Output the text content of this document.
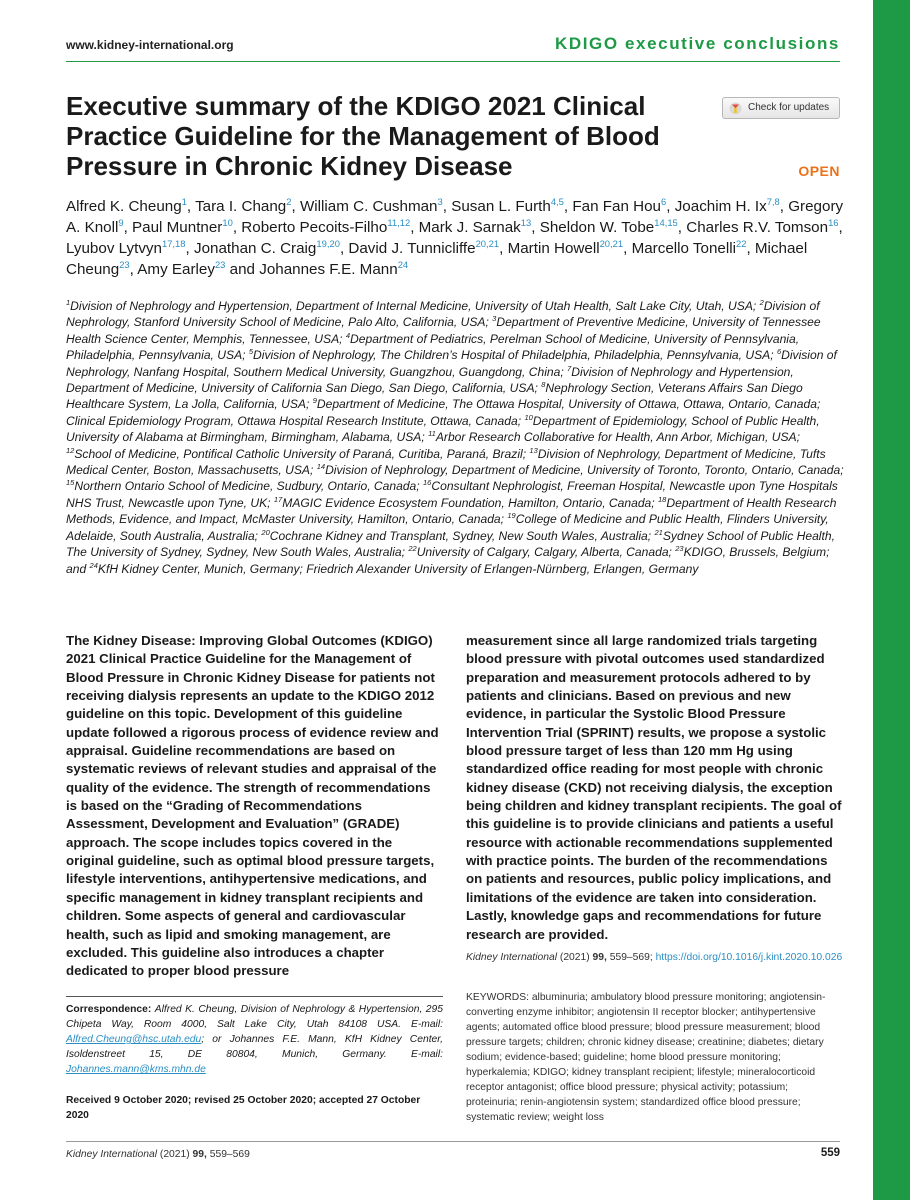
www.kidney-international.org	KDIGO executive conclusions
Executive summary of the KDIGO 2021 Clinical Practice Guideline for the Management of Blood Pressure in Chronic Kidney Disease
Check for updates
OPEN
Alfred K. Cheung$^1$, Tara I. Chang$^2$, William C. Cushman$^3$, Susan L. Furth$^{4,5}$, Fan Fan Hou$^6$, Joachim H. Ix$^{7,8}$, Gregory A. Knoll$^9$, Paul Muntner$^{10}$, Roberto Pecoits-Filho$^{11,12}$, Mark J. Sarnak$^{13}$, Sheldon W. Tobe$^{14,15}$, Charles R.V. Tomson$^{16}$, Lyubov Lytvyn$^{17,18}$, Jonathan C. Craig$^{19,20}$, David J. Tunnicliffe$^{20,21}$, Martin Howell$^{20,21}$, Marcello Tonelli$^{22}$, Michael Cheung$^{23}$, Amy Earley$^{23}$ and Johannes F.E. Mann$^{24}$
$^1$Division of Nephrology and Hypertension, Department of Internal Medicine, University of Utah Health, Salt Lake City, Utah, USA; $^2$Division of Nephrology, Stanford University School of Medicine, Palo Alto, California, USA; $^3$Department of Preventive Medicine, University of Tennessee Health Science Center, Memphis, Tennessee, USA; $^4$Department of Pediatrics, Perelman School of Medicine, University of Pennsylvania, Philadelphia, Pennsylvania, USA; $^5$Division of Nephrology, The Children’s Hospital of Philadelphia, Philadelphia, Pennsylvania, USA; $^6$Division of Nephrology, Nanfang Hospital, Southern Medical University, Guangzhou, Guangdong, China; $^7$Division of Nephrology and Hypertension, Department of Medicine, University of California San Diego, San Diego, California, USA; $^8$Nephrology Section, Veterans Affairs San Diego Healthcare System, La Jolla, California, USA; $^9$Department of Medicine, The Ottawa Hospital, University of Ottawa, Ottawa, Ontario, Canada; Clinical Epidemiology Program, Ottawa Hospital Research Institute, Ottawa, Canada; $^{10}$Department of Epidemiology, School of Public Health, University of Alabama at Birmingham, Birmingham, Alabama, USA; $^{11}$Arbor Research Collaborative for Health, Ann Arbor, Michigan, USA; $^{12}$School of Medicine, Pontifical Catholic University of Paraná, Curitiba, Paraná, Brazil; $^{13}$Division of Nephrology, Department of Medicine, Tufts Medical Center, Boston, Massachusetts, USA; $^{14}$Division of Nephrology, Department of Medicine, University of Toronto, Toronto, Ontario, Canada; $^{15}$Northern Ontario School of Medicine, Sudbury, Ontario, Canada; $^{16}$Consultant Nephrologist, Freeman Hospital, Newcastle upon Tyne Hospitals NHS Trust, Newcastle upon Tyne, UK; $^{17}$MAGIC Evidence Ecosystem Foundation, Hamilton, Ontario, Canada; $^{18}$Department of Health Research Methods, Evidence, and Impact, McMaster University, Hamilton, Ontario, Canada; $^{19}$College of Medicine and Public Health, Flinders University, Adelaide, South Australia, Australia; $^{20}$Cochrane Kidney and Transplant, Sydney, New South Wales, Australia; $^{21}$Sydney School of Public Health, The University of Sydney, Sydney, New South Wales, Australia; $^{22}$University of Calgary, Calgary, Alberta, Canada; $^{23}$KDIGO, Brussels, Belgium; and $^{24}$KfH Kidney Center, Munich, Germany; Friedrich Alexander University of Erlangen-Nürnberg, Erlangen, Germany
The Kidney Disease: Improving Global Outcomes (KDIGO) 2021 Clinical Practice Guideline for the Management of Blood Pressure in Chronic Kidney Disease for patients not receiving dialysis represents an update to the KDIGO 2012 guideline on this topic. Development of this guideline update followed a rigorous process of evidence review and appraisal. Guideline recommendations are based on systematic reviews of relevant studies and appraisal of the quality of the evidence. The strength of recommendations is based on the “Grading of Recommendations Assessment, Development and Evaluation” (GRADE) approach. The scope includes topics covered in the original guideline, such as optimal blood pressure targets, lifestyle interventions, antihypertensive medications, and specific management in kidney transplant recipients and children. Some aspects of general and cardiovascular health, such as lipid and smoking management, are excluded. This guideline also introduces a chapter dedicated to proper blood pressure
measurement since all large randomized trials targeting blood pressure with pivotal outcomes used standardized preparation and measurement protocols adhered to by patients and clinicians. Based on previous and new evidence, in particular the Systolic Blood Pressure Intervention Trial (SPRINT) results, we propose a systolic blood pressure target of less than 120 mm Hg using standardized office reading for most people with chronic kidney disease (CKD) not receiving dialysis, the exception being children and kidney transplant recipients. The goal of this guideline is to provide clinicians and patients a useful resource with actionable recommendations supplemented with practice points. The burden of the recommendations on patients and resources, public policy implications, and limitations of the evidence are taken into consideration. Lastly, knowledge gaps and recommendations for future research are provided.
Kidney International (2021) 99, 559–569; https://doi.org/10.1016/j.kint.2020.10.026
KEYWORDS: albuminuria; ambulatory blood pressure monitoring; angiotensin-converting enzyme inhibitor; angiotensin II receptor blocker; antihypertensive agents; automated office blood pressure; blood pressure measurement; blood pressure targets; children; chronic kidney disease; creatinine; diabetes; dietary sodium; evidence-based; guideline; home blood pressure monitoring; hyperkalemia; KDIGO; kidney transplant recipient; lifestyle; mineralocorticoid receptor antagonist; office blood pressure; physical activity; potassium; proteinuria; renin-angiotensin system; standardized office blood pressure; systematic review; weight loss
Correspondence: Alfred K. Cheung, Division of Nephrology & Hypertension, 295 Chipeta Way, Room 4000, Salt Lake City, Utah 84108 USA. E-mail: Alfred.Cheung@hsc.utah.edu; or Johannes F.E. Mann, KfH Kidney Center, Isoldenstreet 15, DE 80804, Munich, Germany. E-mail: Johannes.mann@kms.mhn.de
Received 9 October 2020; revised 25 October 2020; accepted 27 October 2020
Kidney International (2021) 99, 559–569	559
